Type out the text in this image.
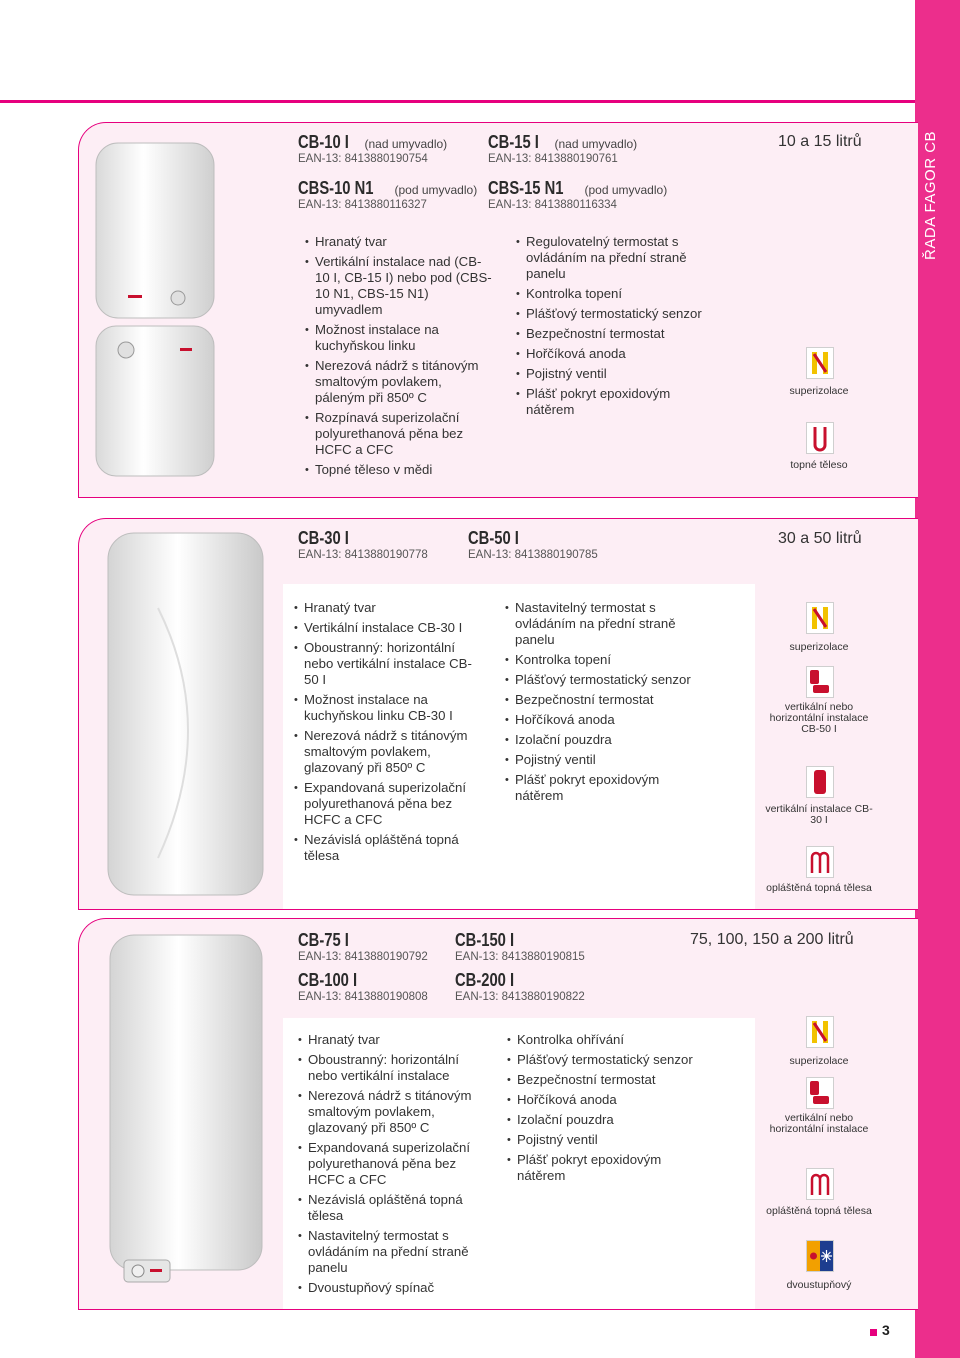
ŘADA FAGOR CB
CB-10 I (nad umyvadlo)
EAN-13: 8413880190754
CBS-10 N1 (pod umyvadlo)
EAN-13: 8413880116327
CB-15 I (nad umyvadlo)
EAN-13: 8413880190761
CBS-15 N1 (pod umyvadlo)
EAN-13: 8413880116334
10 a 15 litrů
• Hranatý tvar
• Vertikální instalace nad (CB-10 I, CB-15 I) nebo pod (CBS-10 N1, CBS-15 N1) umyvadlem
• Možnost instalace na kuchyňskou linku
• Nerezová nádrž s titánovým smaltovým povlakem, páleným při 850º C
• Rozpínavá superizolační polyurethanová pěna bez HCFC a CFC
• Topné těleso v mědi
• Regulovatelný termostat s ovládáním na přední straně panelu
• Kontrolka topení
• Plášťový termostatický senzor
• Bezpečnostní termostat
• Hořčíková anoda
• Pojistný ventil
• Plášť pokryt epoxidovým nátěrem
superizolace
topné těleso
CB-30 I
EAN-13: 8413880190778
CB-50 I
EAN-13: 8413880190785
30 a 50 litrů
• Hranatý tvar
• Vertikální instalace CB-30 I
• Oboustranný: horizontální nebo vertikální instalace CB-50 I
• Možnost instalace na kuchyňskou linku CB-30 I
• Nerezová nádrž s titánovým smaltovým povlakem, glazovaný při 850º C
• Expandovaná superizolační polyurethanová pěna bez HCFC a CFC
• Nezávislá opláštěná topná tělesa
• Nastavitelný termostat s ovládáním na přední straně panelu
• Kontrolka topení
• Plášťový termostatický senzor
• Bezpečnostní termostat
• Hořčíková anoda
• Izolační pouzdra
• Pojistný ventil
• Plášť pokryt epoxidovým nátěrem
superizolace
vertikální nebo horizontální instalace CB-50 I
vertikální instalace CB-30 I
opláštěná topná tělesa
CB-75 I
EAN-13: 8413880190792
CB-150 I
EAN-13: 8413880190815
CB-100 I
EAN-13: 8413880190808
CB-200 I
EAN-13: 8413880190822
75, 100, 150 a 200 litrů
• Hranatý tvar
• Oboustranný: horizontální nebo vertikální instalace
• Nerezová nádrž s titánovým smaltovým povlakem, glazovaný při 850º C
• Expandovaná superizolační polyurethanová pěna bez HCFC a CFC
• Nezávislá opláštěná topná tělesa
• Nastavitelný termostat s ovládáním na přední straně panelu
• Dvoustupňový spínač
• Kontrolka ohřívání
• Plášťový termostatický senzor
• Bezpečnostní termostat
• Hořčíková anoda
• Izolační pouzdra
• Pojistný ventil
• Plášť pokryt epoxidovým nátěrem
superizolace
vertikální nebo horizontální instalace
opláštěná topná tělesa
dvoustupňový
3
